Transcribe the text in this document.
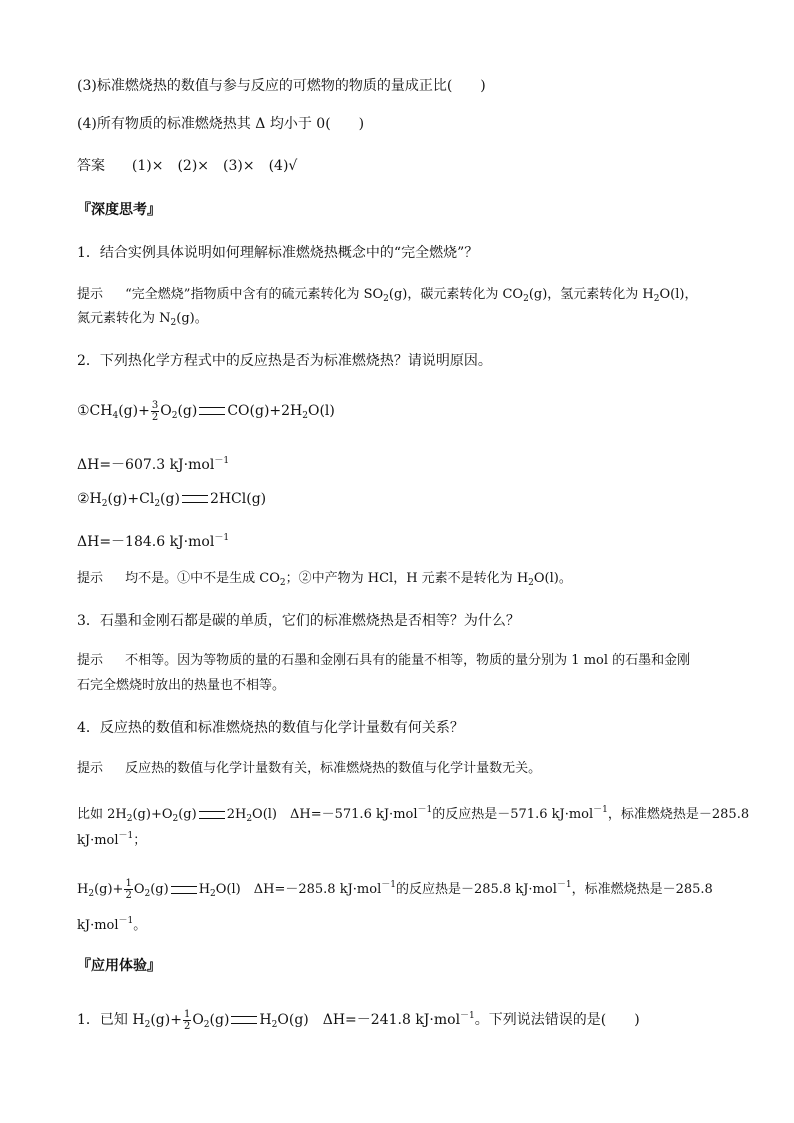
(3)标准燃烧热的数值与参与反应的可燃物的物质的量成正比(　　)
(4)所有物质的标准燃烧热其 Δ 均小于 0(　　)
答案 (1)×　(2)×　(3)×　(4)√
『深度思考』
1．结合实例具体说明如何理解标准燃烧热概念中的“完全燃烧”？
提示 “完全燃烧”指物质中含有的硫元素转化为 $SO_2(g)$，碳元素转化为 $CO_2(g)$，氢元素转化为 $H_2O(l)$，
氮元素转化为 $N_2(g)$。
2．下列热化学方程式中的反应热是否为标准燃烧热？请说明原因。
$①CH_4(g)+ \frac{3}{2} O_2(g)$ $CO(g)+2H_2O(l)$
ΔH=－607.3 kJ·mol$^{-1}$
$②H_2(g)+Cl_2(g)$ 2HCl(g)
ΔH=－184.6 kJ·mol$^{-1}$
提示 均不是。①中不是生成 $CO_2$；②中产物为 HCl，H 元素不是转化为 $H_2O(l)$。
3．石墨和金刚石都是碳的单质，它们的标准燃烧热是否相等？为什么？
提示 不相等。因为等物质的量的石墨和金刚石具有的能量不相等，物质的量分别为 1 mol 的石墨和金刚
石完全燃烧时放出的热量也不相等。
4．反应热的数值和标准燃烧热的数值与化学计量数有何关系？
提示 反应热的数值与化学计量数有关，标准燃烧热的数值与化学计量数无关。
比如 $2H_2(g)+O_2(g)$ $2H_2O(l)$　ΔH=－571.6 kJ·mol$^{-1}$的反应热是－571.6 kJ·mol$^{-1}$，标准燃烧热是－285.8
kJ·mol$^{-1}$；
$H_2(g)+ \frac{1}{2} O_2(g)$ $H_2O(l)$　ΔH=－285.8 kJ·mol$^{-1}$的反应热是－285.8 kJ·mol$^{-1}$，标准燃烧热是－285.8
kJ·mol$^{-1}$。
『应用体验』
1．已知 $H_2(g)+ \frac{1}{2} O_2(g)$ $H_2O(g)$　ΔH=－241.8 kJ·mol$^{-1}$。下列说法错误的是(　　)
